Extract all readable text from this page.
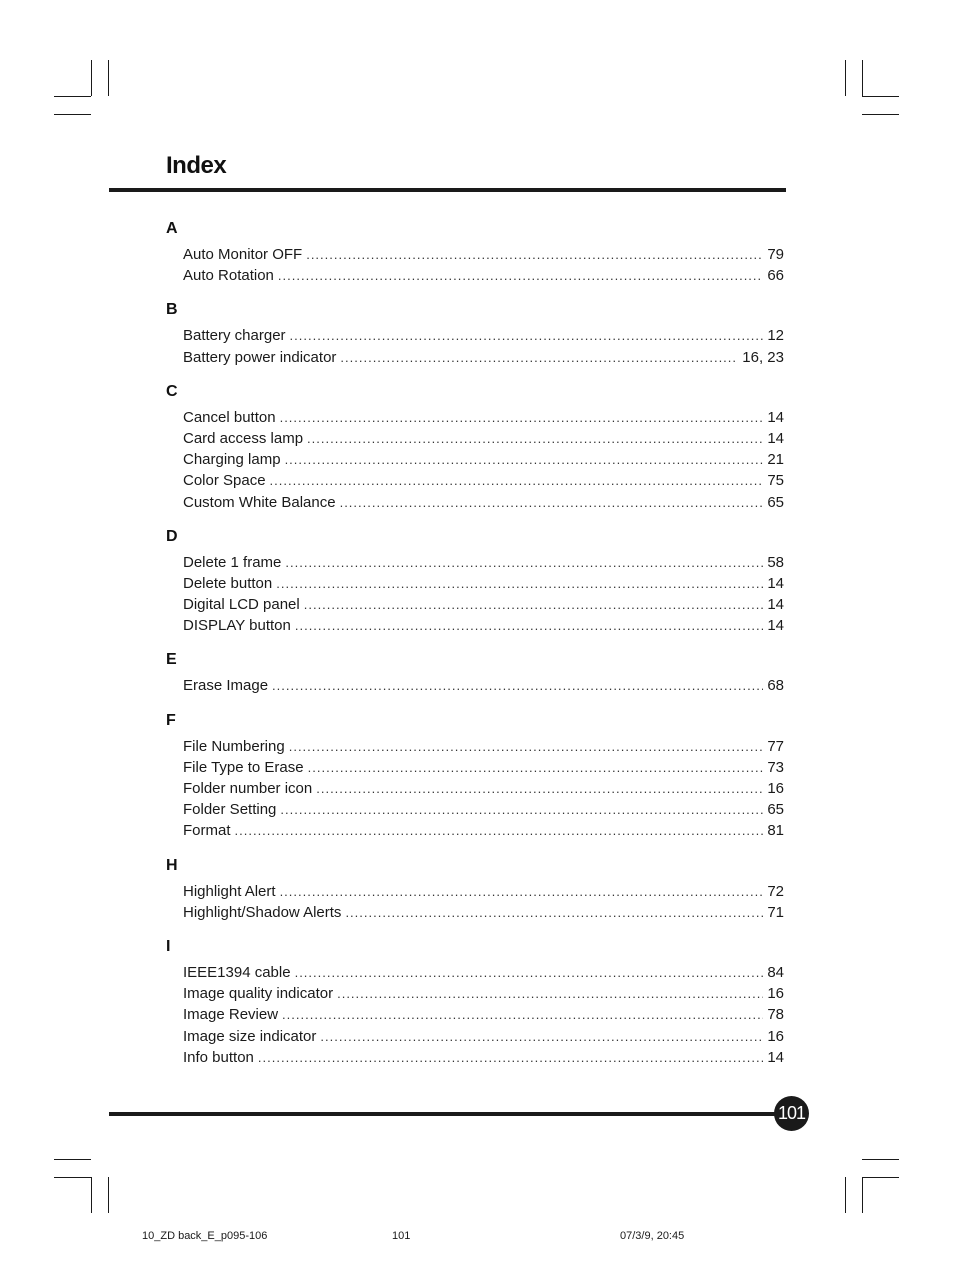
Index
A
Auto Monitor OFF .....	79
Auto Rotation .....	66
B
Battery charger .....	12
Battery power indicator .....	16, 23
C
Cancel button .....	14
Card access lamp .....	14
Charging lamp .....	21
Color Space .....	75
Custom White Balance .....	65
D
Delete 1 frame .....	58
Delete button .....	14
Digital LCD panel .....	14
DISPLAY button .....	14
E
Erase Image .....	68
F
File Numbering .....	77
File Type to Erase .....	73
Folder number icon .....	16
Folder Setting .....	65
Format .....	81
H
Highlight Alert .....	72
Highlight/Shadow Alerts .....	71
I
IEEE1394 cable .....	84
Image quality indicator .....	16
Image Review .....	78
Image size indicator .....	16
Info button .....	14
101
10_ZD back_E_p095-106	101	07/3/9, 20:45
